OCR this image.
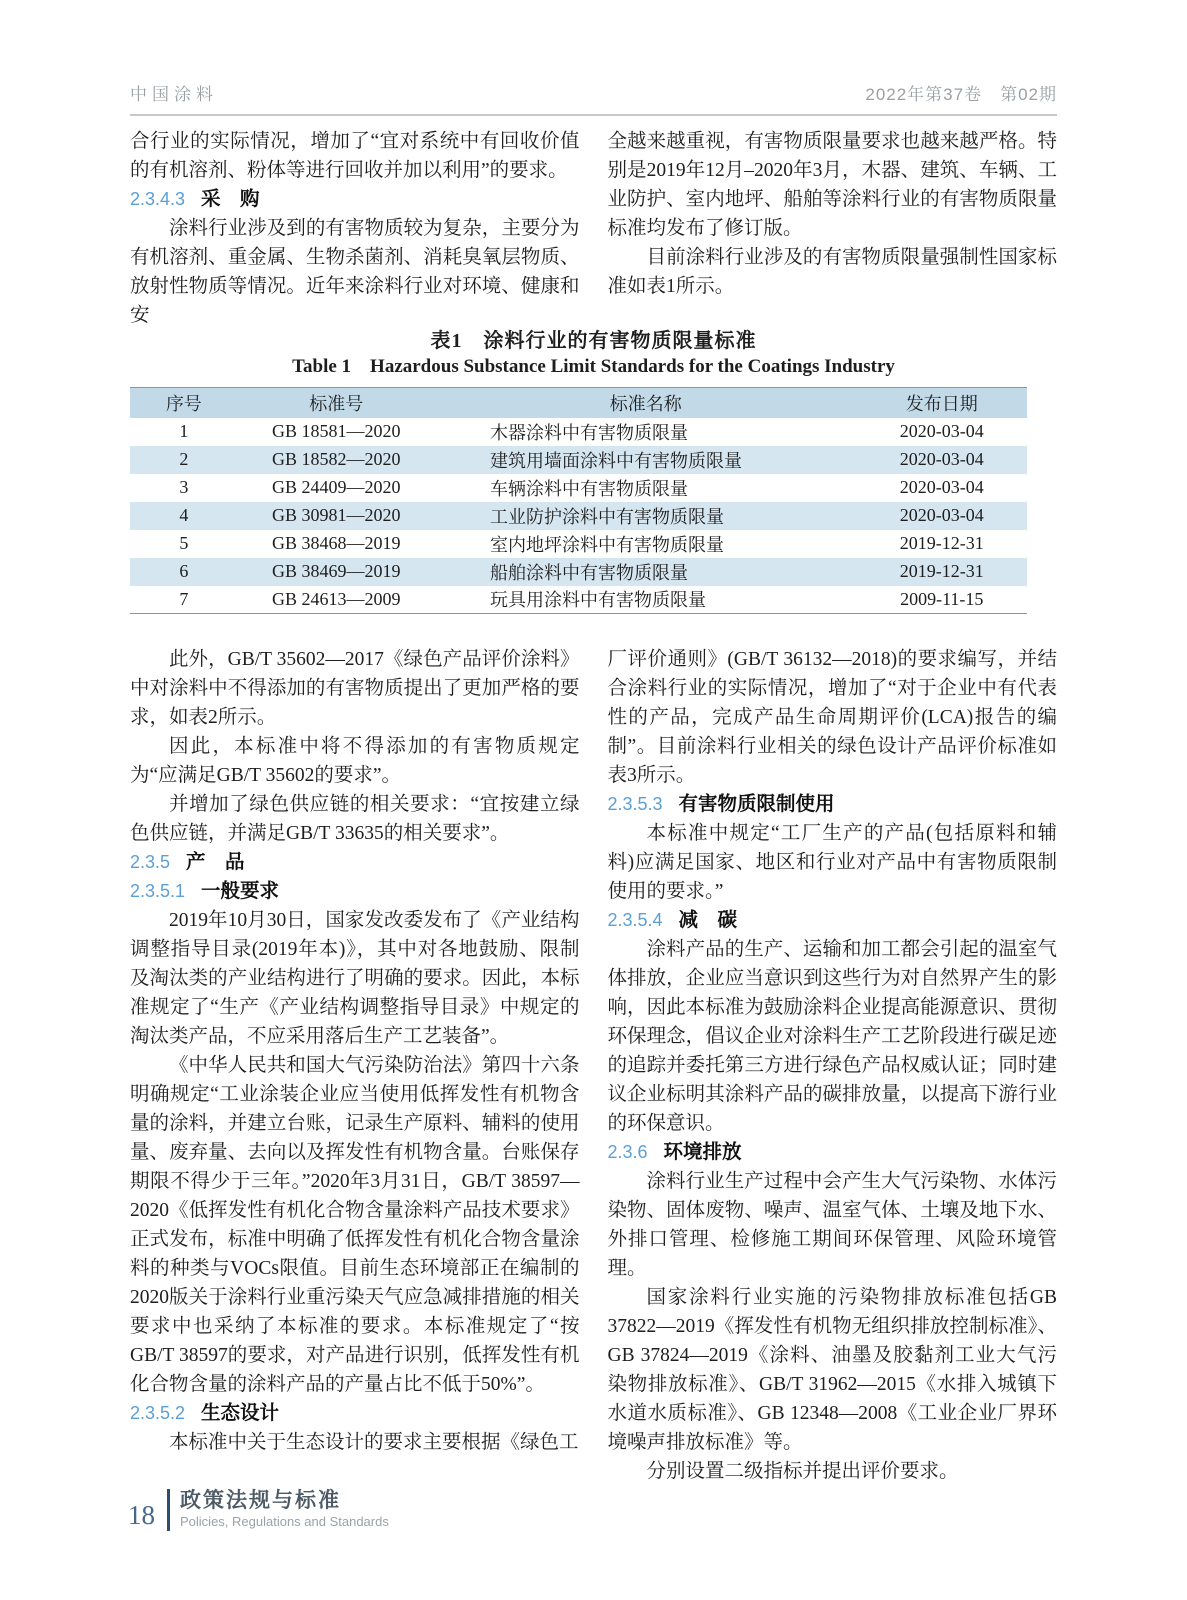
中国涂料	2022年第37卷　第02期

合行业的实际情况，增加了“宜对系统中有回收价值的有机溶剂、粉体等进行回收并加以利用”的要求。

2.3.4.3 采　购

涂料行业涉及到的有害物质较为复杂，主要分为有机溶剂、重金属、生物杀菌剂、消耗臭氧层物质、放射性物质等情况。近年来涂料行业对环境、健康和安

全越来越重视，有害物质限量要求也越来越严格。特别是2019年12月–2020年3月，木器、建筑、车辆、工业防护、室内地坪、船舶等涂料行业的有害物质限量标准均发布了修订版。

目前涂料行业涉及的有害物质限量强制性国家标准如表1所示。

表1　涂料行业的有害物质限量标准
Table 1　Hazardous Substance Limit Standards for the Coatings Industry
序号	标准号	标准名称	发布日期
1	GB 18581—2020	木器涂料中有害物质限量	2020-03-04
2	GB 18582—2020	建筑用墙面涂料中有害物质限量	2020-03-04
3	GB 24409—2020	车辆涂料中有害物质限量	2020-03-04
4	GB 30981—2020	工业防护涂料中有害物质限量	2020-03-04
5	GB 38468—2019	室内地坪涂料中有害物质限量	2019-12-31
6	GB 38469—2019	船舶涂料中有害物质限量	2019-12-31
7	GB 24613—2009	玩具用涂料中有害物质限量	2009-11-15

此外，GB/T 35602—2017《绿色产品评价涂料》中对涂料中不得添加的有害物质提出了更加严格的要求，如表2所示。

因此，本标准中将不得添加的有害物质规定为“应满足GB/T 35602的要求”。

并增加了绿色供应链的相关要求：“宜按建立绿色供应链，并满足GB/T 33635的相关要求”。

2.3.5 产　品
2.3.5.1 一般要求

2019年10月30日，国家发改委发布了《产业结构调整指导目录(2019年本)》，其中对各地鼓励、限制及淘汰类的产业结构进行了明确的要求。因此，本标准规定了“生产《产业结构调整指导目录》中规定的淘汰类产品，不应采用落后生产工艺装备”。

《中华人民共和国大气污染防治法》第四十六条明确规定“工业涂装企业应当使用低挥发性有机物含量的涂料，并建立台账，记录生产原料、辅料的使用量、废弃量、去向以及挥发性有机物含量。台账保存期限不得少于三年。”2020年3月31日，GB/T 38597—2020《低挥发性有机化合物含量涂料产品技术要求》正式发布，标准中明确了低挥发性有机化合物含量涂料的种类与VOCs限值。目前生态环境部正在编制的2020版关于涂料行业重污染天气应急减排措施的相关要求中也采纳了本标准的要求。本标准规定了“按GB/T 38597的要求，对产品进行识别，低挥发性有机化合物含量的涂料产品的产量占比不低于50%”。

2.3.5.2 生态设计

本标准中关于生态设计的要求主要根据《绿色工

厂评价通则》(GB/T 36132—2018)的要求编写，并结合涂料行业的实际情况，增加了“对于企业中有代表性的产品，完成产品生命周期评价(LCA)报告的编制”。目前涂料行业相关的绿色设计产品评价标准如表3所示。

2.3.5.3 有害物质限制使用

本标准中规定“工厂生产的产品(包括原料和辅料)应满足国家、地区和行业对产品中有害物质限制使用的要求。”

2.3.5.4 减　碳

涂料产品的生产、运输和加工都会引起的温室气体排放，企业应当意识到这些行为对自然界产生的影响，因此本标准为鼓励涂料企业提高能源意识、贯彻环保理念，倡议企业对涂料生产工艺阶段进行碳足迹的追踪并委托第三方进行绿色产品权威认证；同时建议企业标明其涂料产品的碳排放量，以提高下游行业的环保意识。

2.3.6 环境排放

涂料行业生产过程中会产生大气污染物、水体污染物、固体废物、噪声、温室气体、土壤及地下水、外排口管理、检修施工期间环保管理、风险环境管理。

国家涂料行业实施的污染物排放标准包括GB 37822—2019《挥发性有机物无组织排放控制标准》、GB 37824—2019《涂料、油墨及胶黏剂工业大气污染物排放标准》、GB/T 31962—2015《水排入城镇下水道水质标准》、GB 12348—2008《工业企业厂界环境噪声排放标准》等。

分别设置二级指标并提出评价要求。

18 政策法规与标准
Policies, Regulations and Standards
